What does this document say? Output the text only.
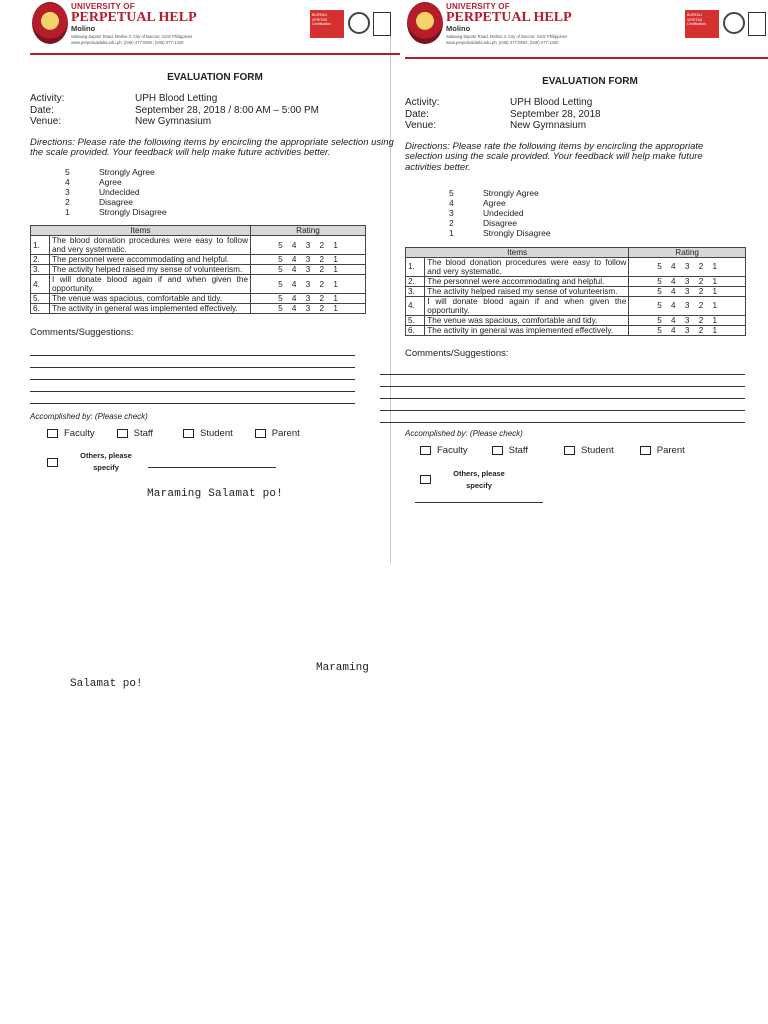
UNIVERSITY OF
PERPETUAL HELP
Molino
Salawag-Zapote Road, Molino 3, City of Bacoor, 4102 Philippines
www.perpetualdalta.edu.ph; (046) 477-0602; (046) 477-1430
BUREAU VERITAS Certification
EVALUATION FORM
Activity:	UPH Blood Letting
Date:	September 28, 2018 / 8:00 AM – 5:00 PM
Venue:	New Gymnasium
Directions: Please rate the following items by encircling the appropriate selection using the scale provided. Your feedback will help make future activities better.
5	Strongly Agree
4	Agree
3	Undecided
2	Disagree
1	Strongly Disagree
Items		Rating
1.	The blood donation procedures were easy to follow and very systematic.	5 4 3 2 1
2.	The personnel were accommodating and helpful.	5 4 3 2 1
3.	The activity helped raised my sense of volunteerism.	5 4 3 2 1
4.	I will donate blood again if and when given the opportunity.	5 4 3 2 1
5.	The venue was spacious, comfortable and tidy.	5 4 3 2 1
6.	The activity in general was implemented effectively.	5 4 3 2 1
Comments/Suggestions:
Accomplished by: (Please check)
Faculty	Staff	Student	Parent
Others, please
specify
Maraming Salamat po!
UNIVERSITY OF
PERPETUAL HELP
Molino
Salawag-Zapote Road, Molino 3, City of Bacoor, 4102 Philippines
www.perpetualdalta.edu.ph; (046) 477-0602; (046) 477-1430
BUREAU VERITAS Certification
EVALUATION FORM
Activity:	UPH Blood Letting
Date:	September 28, 2018
Venue:	New Gymnasium
Directions: Please rate the following items by encircling the appropriate selection using the scale provided. Your feedback will help make future activities better.
5	Strongly Agree
4	Agree
3	Undecided
2	Disagree
1	Strongly Disagree
Items		Rating
1.	The blood donation procedures were easy to follow and very systematic.	5 4 3 2 1
2.	The personnel were accommodating and helpful.	5 4 3 2 1
3.	The activity helped raised my sense of volunteerism.	5 4 3 2 1
4.	I will donate blood again if and when given the opportunity.	5 4 3 2 1
5.	The venue was spacious, comfortable and tidy.	5 4 3 2 1
6.	The activity in general was implemented effectively.	5 4 3 2 1
Comments/Suggestions:
Accomplished by: (Please check)
Faculty	Staff	Student	Parent
Others, please
specify
Maraming
Salamat po!
